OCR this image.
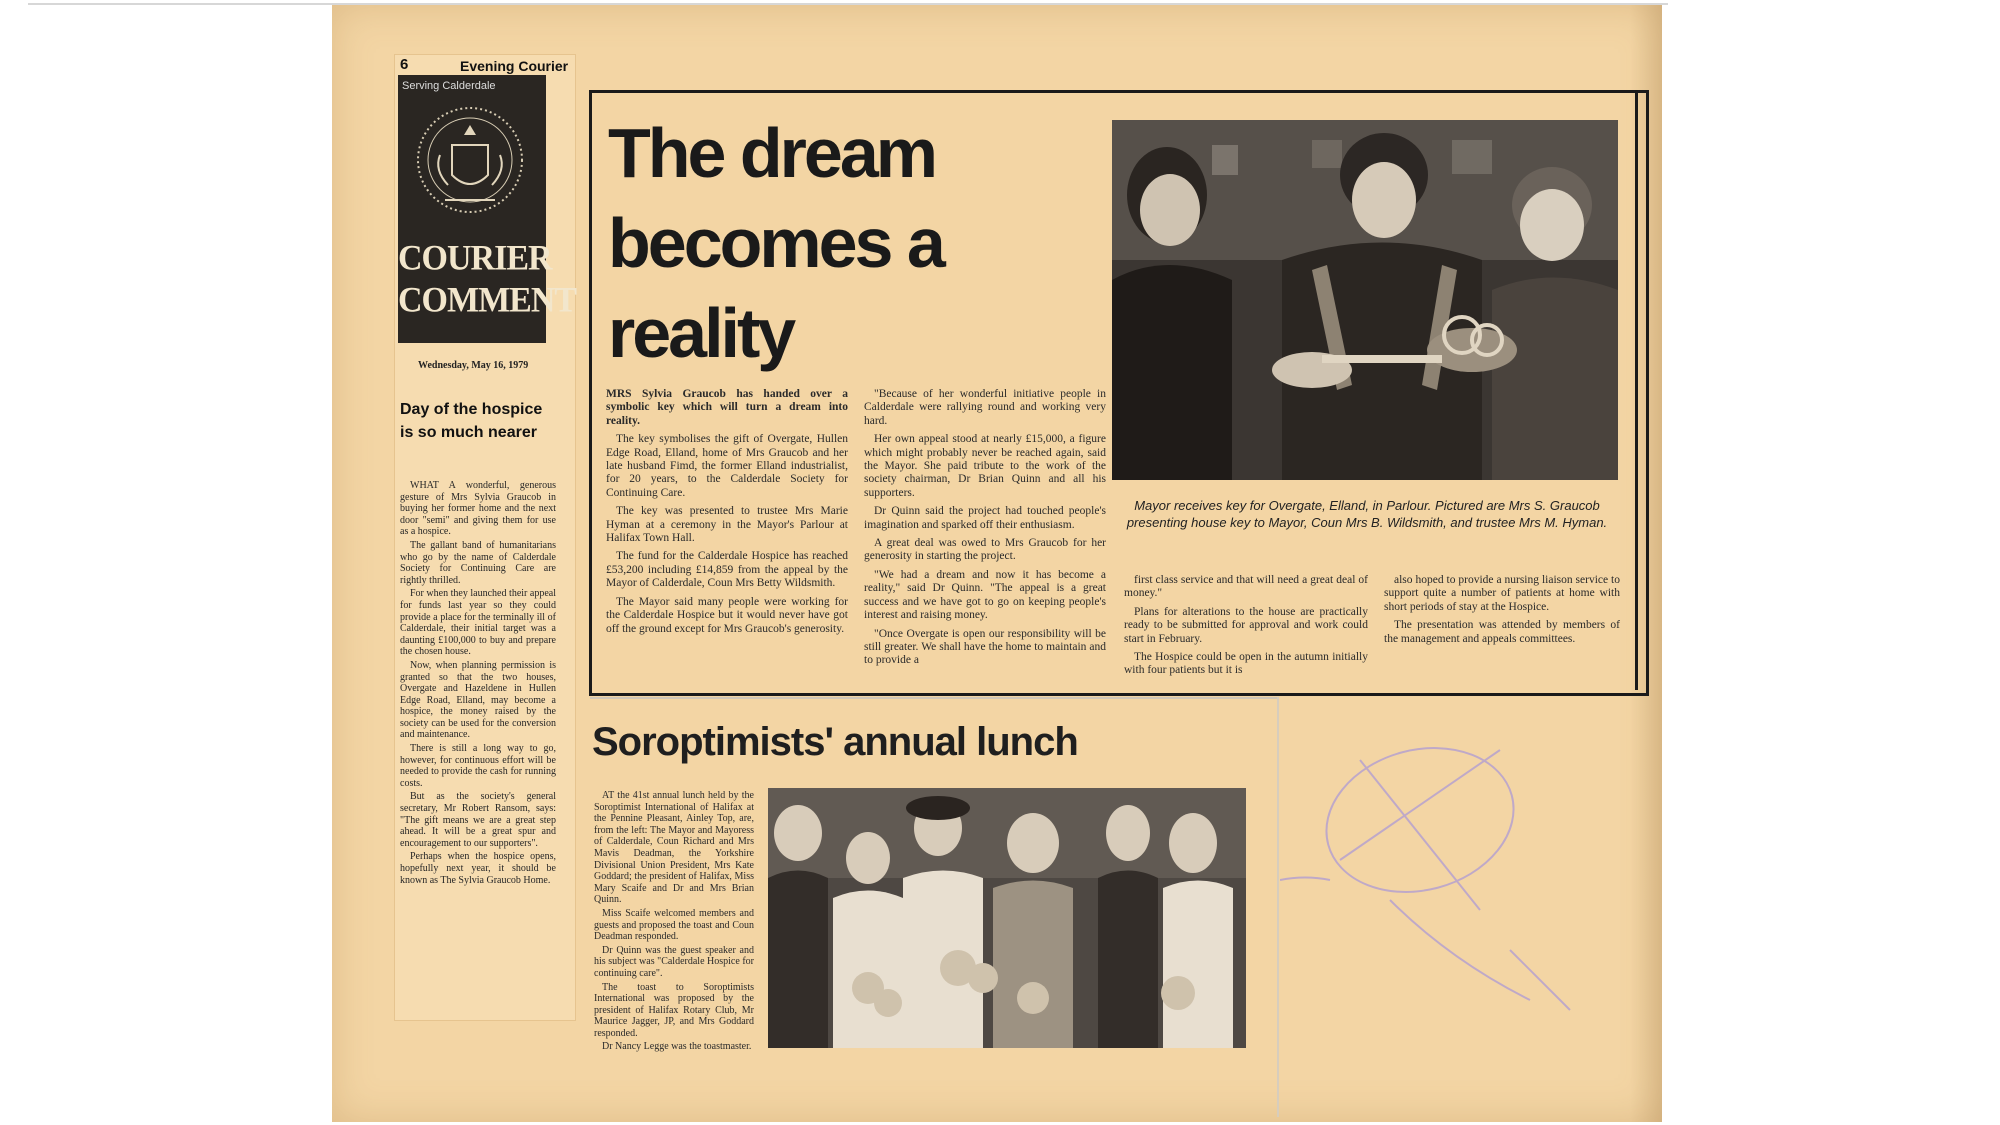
6	Evening Courier
Serving Calderdale
COURIER COMMENT
Wednesday, May 16, 1979
Day of the hospice is so much nearer

WHAT A wonderful, generous gesture of Mrs Sylvia Graucob in buying her former home and the next door "semi" and giving them for use as a hospice.

The gallant band of humanitarians who go by the name of Calderdale Society for Continuing Care are rightly thrilled.

For when they launched their appeal for funds last year so they could provide a place for the terminally ill of Calderdale, their initial target was a daunting £100,000 to buy and prepare the chosen house.

Now, when planning permission is granted so that the two houses, Overgate and Hazeldene in Hullen Edge Road, Elland, may become a hospice, the money raised by the society can be used for the conversion and maintenance.

There is still a long way to go, however, for continuous effort will be needed to provide the cash for running costs.

But as the society's general secretary, Mr Robert Ransom, says: "The gift means we are a great step ahead. It will be a great spur and encouragement to our supporters".

Perhaps when the hospice opens, hopefully next year, it should be known as The Sylvia Graucob Home.

The dream becomes a reality
Mayor receives key for Overgate, Elland, in Parlour. Pictured are Mrs S. Graucob presenting house key to Mayor, Coun Mrs B. Wildsmith, and trustee Mrs M. Hyman.

MRS Sylvia Graucob has handed over a symbolic key which will turn a dream into reality.

The key symbolises the gift of Overgate, Hullen Edge Road, Elland, home of Mrs Graucob and her late husband Fimd, the former Elland industrialist, for 20 years, to the Calderdale Society for Continuing Care.

The key was presented to trustee Mrs Marie Hyman at a ceremony in the Mayor's Parlour at Halifax Town Hall.

The fund for the Calderdale Hospice has reached £53,200 including £14,859 from the appeal by the Mayor of Calderdale, Coun Mrs Betty Wildsmith.

The Mayor said many people were working for the Calderdale Hospice but it would never have got off the ground except for Mrs Graucob's generosity.

"Because of her wonderful initiative people in Calderdale were rallying round and working very hard.

Her own appeal stood at nearly £15,000, a figure which might probably never be reached again, said the Mayor. She paid tribute to the work of the society chairman, Dr Brian Quinn and all his supporters.

Dr Quinn said the project had touched people's imagination and sparked off their enthusiasm.

A great deal was owed to Mrs Graucob for her generosity in starting the project.

"We had a dream and now it has become a reality," said Dr Quinn. "The appeal is a great success and we have got to go on keeping people's interest and raising money.

"Once Overgate is open our responsibility will be still greater. We shall have the home to maintain and to provide a

first class service and that will need a great deal of money."

Plans for alterations to the house are practically ready to be submitted for approval and work could start in February.

The Hospice could be open in the autumn initially with four patients but it is

also hoped to provide a nursing liaison service to support quite a number of patients at home with short periods of stay at the Hospice.

The presentation was attended by members of the management and appeals committees.

Soroptimists' annual lunch

AT the 41st annual lunch held by the Soroptimist International of Halifax at the Pennine Pleasant, Ainley Top, are, from the left: The Mayor and Mayoress of Calderdale, Coun Richard and Mrs Mavis Deadman, the Yorkshire Divisional Union President, Mrs Kate Goddard; the president of Halifax, Miss Mary Scaife and Dr and Mrs Brian Quinn.

Miss Scaife welcomed members and guests and proposed the toast and Coun Deadman responded.

Dr Quinn was the guest speaker and his subject was "Calderdale Hospice for continuing care".

The toast to Soroptimists International was proposed by the president of Halifax Rotary Club, Mr Maurice Jagger, JP, and Mrs Goddard responded.

Dr Nancy Legge was the toastmaster.
